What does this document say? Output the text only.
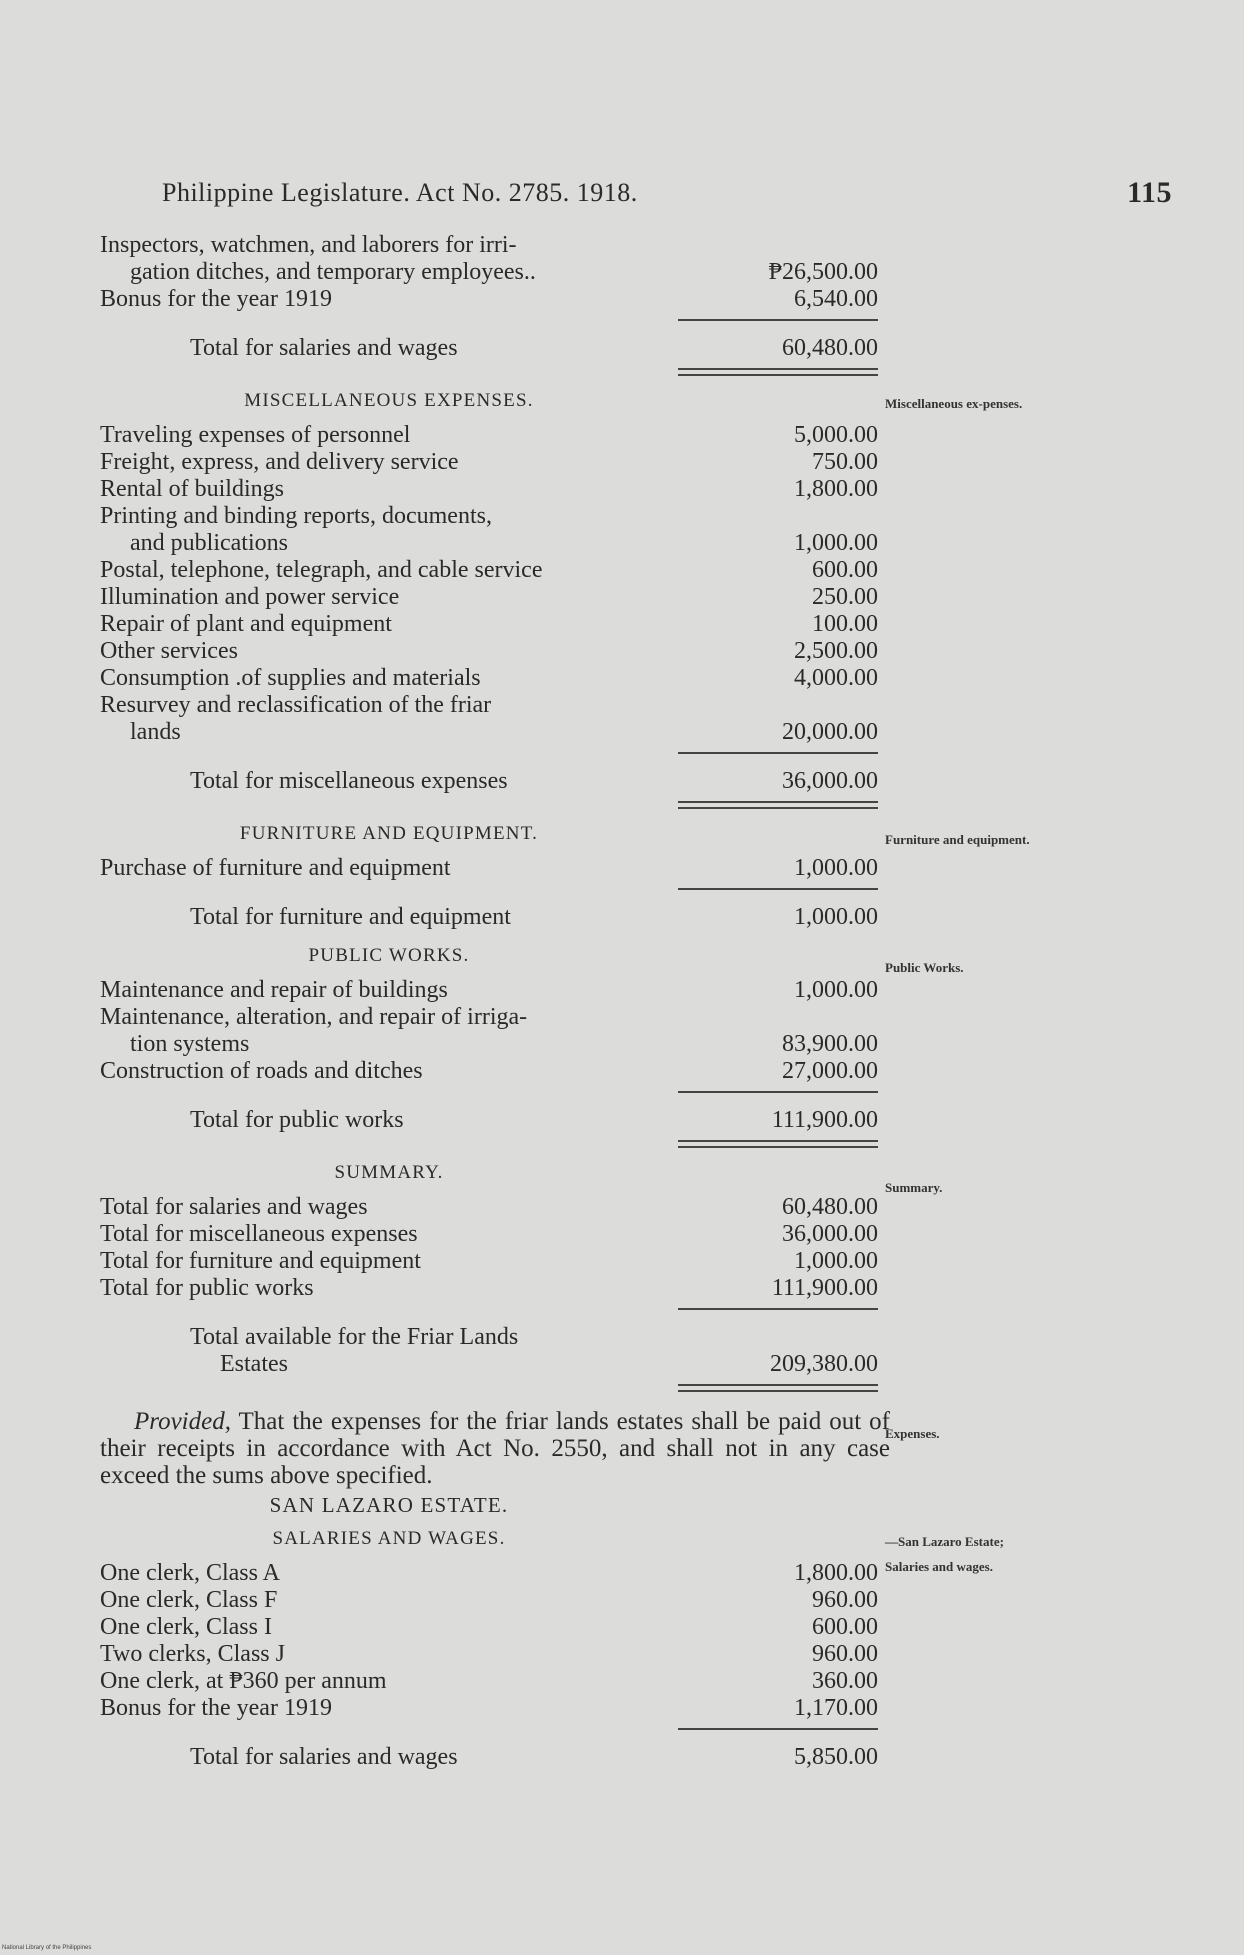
Philippine Legislature. Act No. 2785. 1918.	115
Miscellaneous ex-penses.
Furniture and equipment.
Public Works.
Summary.
Expenses.
—San Lazaro Estate;
Salaries and wages.
Inspectors, watchmen, and laborers for irri-
gation ditches, and temporary employees..	₱26,500.00
Bonus for the year 1919	6,540.00
Total for salaries and wages	60,480.00
MISCELLANEOUS EXPENSES.
Traveling expenses of personnel	5,000.00
Freight, express, and delivery service	750.00
Rental of buildings	1,800.00
Printing and binding reports, documents,
and publications	1,000.00
Postal, telephone, telegraph, and cable service	600.00
Illumination and power service	250.00
Repair of plant and equipment	100.00
Other services	2,500.00
Consumption .of supplies and materials	4,000.00
Resurvey and reclassification of the friar
lands	20,000.00
Total for miscellaneous expenses	36,000.00
FURNITURE AND EQUIPMENT.
Purchase of furniture and equipment	1,000.00
Total for furniture and equipment	1,000.00
PUBLIC WORKS.
Maintenance and repair of buildings	1,000.00
Maintenance, alteration, and repair of irriga-
tion systems	83,900.00
Construction of roads and ditches	27,000.00
Total for public works	111,900.00
SUMMARY.
Total for salaries and wages	60,480.00
Total for miscellaneous expenses	36,000.00
Total for furniture and equipment	1,000.00
Total for public works	111,900.00
Total available for the Friar Lands
Estates	209,380.00
Provided, That the expenses for the friar lands estates shall be paid out of their receipts in accordance with Act No. 2550, and shall not in any case exceed the sums above specified.
SAN LAZARO ESTATE.
SALARIES AND WAGES.
One clerk, Class A	1,800.00
One clerk, Class F	960.00
One clerk, Class I	600.00
Two clerks, Class J	960.00
One clerk, at ₱360 per annum	360.00
Bonus for the year 1919	1,170.00
Total for salaries and wages	5,850.00
National Library of the Philippines
